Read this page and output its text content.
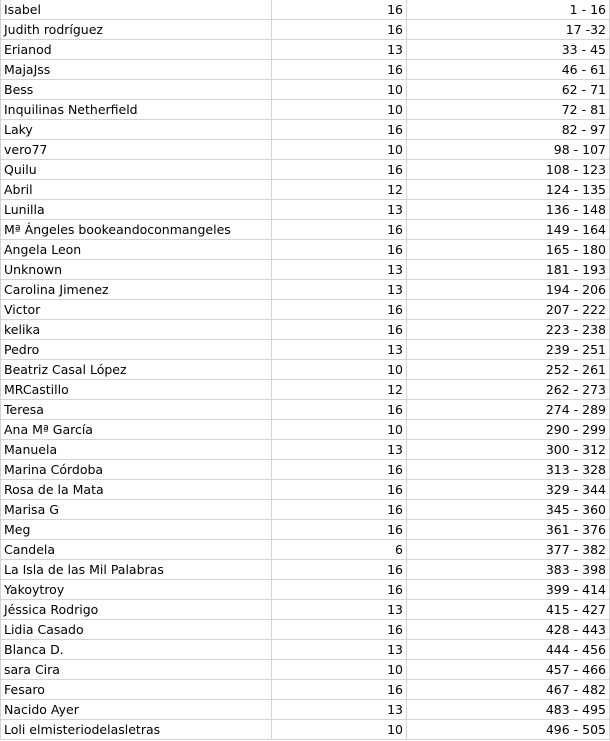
Isabel	16	1 - 16
Judith rodríguez	16	17 -32
Erianod	13	33 - 45
MajaJss	16	46 - 61
Bess	10	62 - 71
Inquilinas Netherfield	10	72 - 81
Laky	16	82 - 97
vero77	10	98 - 107
Quilu	16	108 - 123
Abril	12	124 - 135
Lunilla	13	136 - 148
Mª Ángeles bookeandoconmangeles	16	149 - 164
Angela Leon	16	165 - 180
Unknown	13	181 - 193
Carolina Jimenez	13	194 - 206
Victor	16	207 - 222
kelika	16	223 - 238
Pedro	13	239 - 251
Beatriz Casal López	10	252 - 261
MRCastillo	12	262 - 273
Teresa	16	274 - 289
Ana Mª García	10	290 - 299
Manuela	13	300 - 312
Marina Córdoba	16	313 - 328
Rosa de la Mata	16	329 - 344
Marisa G	16	345 - 360
Meg	16	361 - 376
Candela	6	377 - 382
La Isla de las Mil Palabras	16	383 - 398
Yakoytroy	16	399 - 414
Jéssica Rodrigo	13	415 - 427
Lidia Casado	16	428 - 443
Blanca D.	13	444 - 456
sara Cira	10	457 - 466
Fesaro	16	467 - 482
Nacido Ayer	13	483 - 495
Loli elmisteriodelasletras	10	496 - 505
